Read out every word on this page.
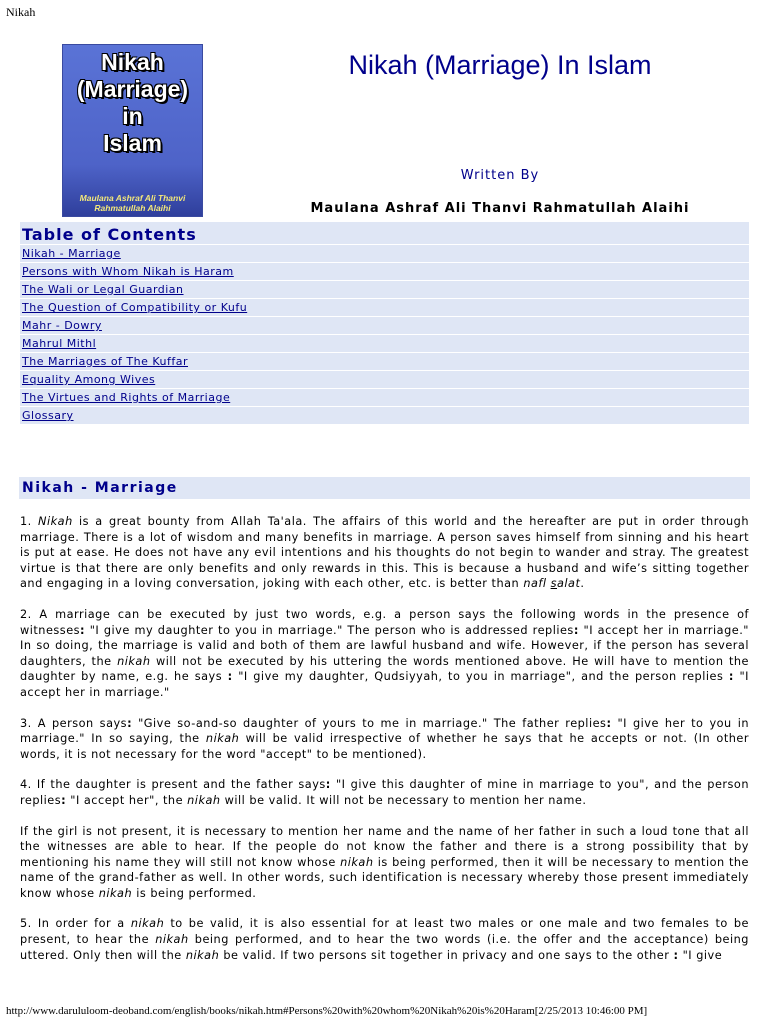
Nikah
Nikah
(Marriage)
in
Islam
Maulana Ashraf Ali Thanvi
Rahmatullah Alaihi
Nikah (Marriage) In Islam
Written By
Maulana Ashraf Ali Thanvi Rahmatullah Alaihi
Table of Contents
Nikah - Marriage
Persons with Whom Nikah is Haram
The Wali or Legal Guardian
The Question of Compatibility or Kufu
Mahr - Dowry
Mahrul Mithl
The Marriages of The Kuffar
Equality Among Wives
The Virtues and Rights of Marriage
Glossary
Nikah - Marriage

1. Nikah is a great bounty from Allah Ta'ala. The affairs of this world and the hereafter are put in order through marriage. There is a lot of wisdom and many benefits in marriage. A person saves himself from sinning and his heart is put at ease. He does not have any evil intentions and his thoughts do not begin to wander and stray. The greatest virtue is that there are only benefits and only rewards in this. This is because a husband and wife’s sitting together and engaging in a loving conversation, joking with each other, etc. is better than nafl salat.

2. A marriage can be executed by just two words, e.g. a person says the following words in the presence of witnesses: "I give my daughter to you in marriage." The person who is addressed replies: "I accept her in marriage." In so doing, the marriage is valid and both of them are lawful husband and wife. However, if the person has several daughters, the nikah will not be executed by his uttering the words mentioned above. He will have to mention the daughter by name, e.g. he says : "I give my daughter, Qudsiyyah, to you in marriage", and the person replies : "I accept her in marriage."

3. A person says: "Give so-and-so daughter of yours to me in marriage." The father replies: "I give her to you in marriage." In so saying, the nikah will be valid irrespective of whether he says that he accepts or not. (In other words, it is not necessary for the word "accept" to be mentioned).

4. If the daughter is present and the father says: "I give this daughter of mine in marriage to you", and the person replies: "I accept her", the nikah will be valid. It will not be necessary to mention her name.

If the girl is not present, it is necessary to mention her name and the name of her father in such a loud tone that all the witnesses are able to hear. If the people do not know the father and there is a strong possibility that by mentioning his name they will still not know whose nikah is being performed, then it will be necessary to mention the name of the grand-father as well. In other words, such identification is necessary whereby those present immediately know whose nikah is being performed.

5. In order for a nikah to be valid, it is also essential for at least two males or one male and two females to be present, to hear the nikah being performed, and to hear the two words (i.e. the offer and the acceptance) being uttered. Only then will the nikah be valid. If two persons sit together in privacy and one says to the other : "I give

http://www.darululoom-deoband.com/english/books/nikah.htm#Persons%20with%20whom%20Nikah%20is%20Haram[2/25/2013 10:46:00 PM]
